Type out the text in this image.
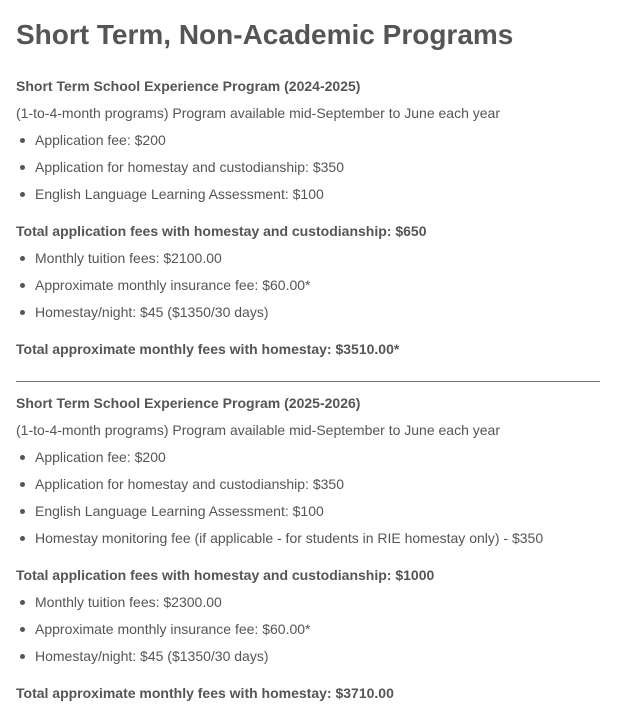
Short Term, Non-Academic Programs
Short Term School Experience Program (2024-2025)
(1-to-4-month programs) Program available mid-September to June each year
Application fee: $200
Application for homestay and custodianship: $350
English Language Learning Assessment: $100
Total application fees with homestay and custodianship: $650
Monthly tuition fees: $2100.00
Approximate monthly insurance fee: $60.00*
Homestay/night: $45 ($1350/30 days)
Total approximate monthly fees with homestay: $3510.00*
Short Term School Experience Program (2025-2026)
(1-to-4-month programs) Program available mid-September to June each year
Application fee: $200
Application for homestay and custodianship: $350
English Language Learning Assessment: $100
Homestay monitoring fee (if applicable - for students in RIE homestay only) - $350
Total application fees with homestay and custodianship: $1000
Monthly tuition fees: $2300.00
Approximate monthly insurance fee: $60.00*
Homestay/night: $45 ($1350/30 days)
Total approximate monthly fees with homestay: $3710.00
